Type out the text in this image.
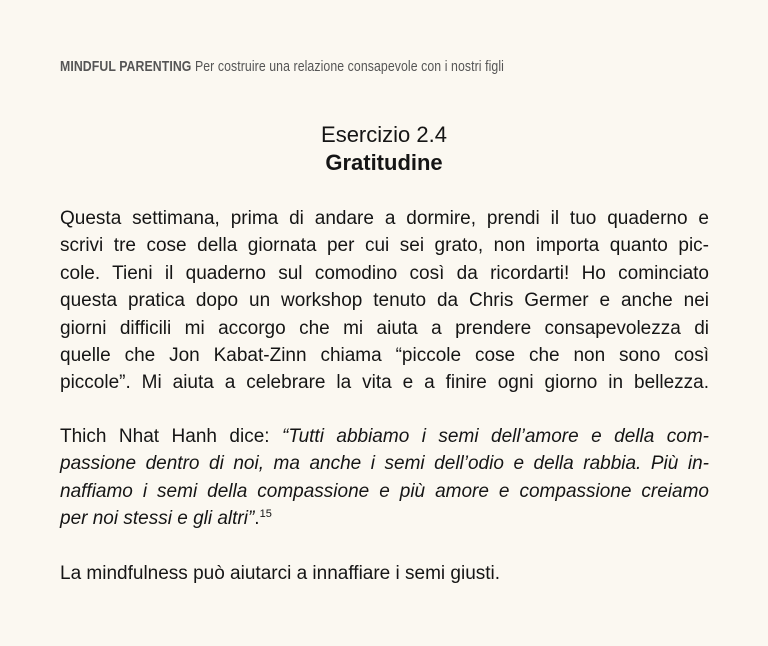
MINDFUL PARENTING Per costruire una relazione consapevole con i nostri figli
Esercizio 2.4
Gratitudine
Questa settimana, prima di andare a dormire, prendi il tuo quaderno e
scrivi tre cose della giornata per cui sei grato, non importa quanto pic-
cole. Tieni il quaderno sul comodino così da ricordarti! Ho cominciato
questa pratica dopo un workshop tenuto da Chris Germer e anche nei
giorni difficili mi accorgo che mi aiuta a prendere consapevolezza di
quelle che Jon Kabat-Zinn chiama “piccole cose che non sono così
piccole”. Mi aiuta a celebrare la vita e a finire ogni giorno in bellezza.
Thich Nhat Hanh dice: “Tutti abbiamo i semi dell’amore e della com-
passione dentro di noi, ma anche i semi dell’odio e della rabbia. Più in-
naffiamo i semi della compassione e più amore e compassione creiamo
per noi stessi e gli altri”.$^{15}$
La mindfulness può aiutarci a innaffiare i semi giusti.
